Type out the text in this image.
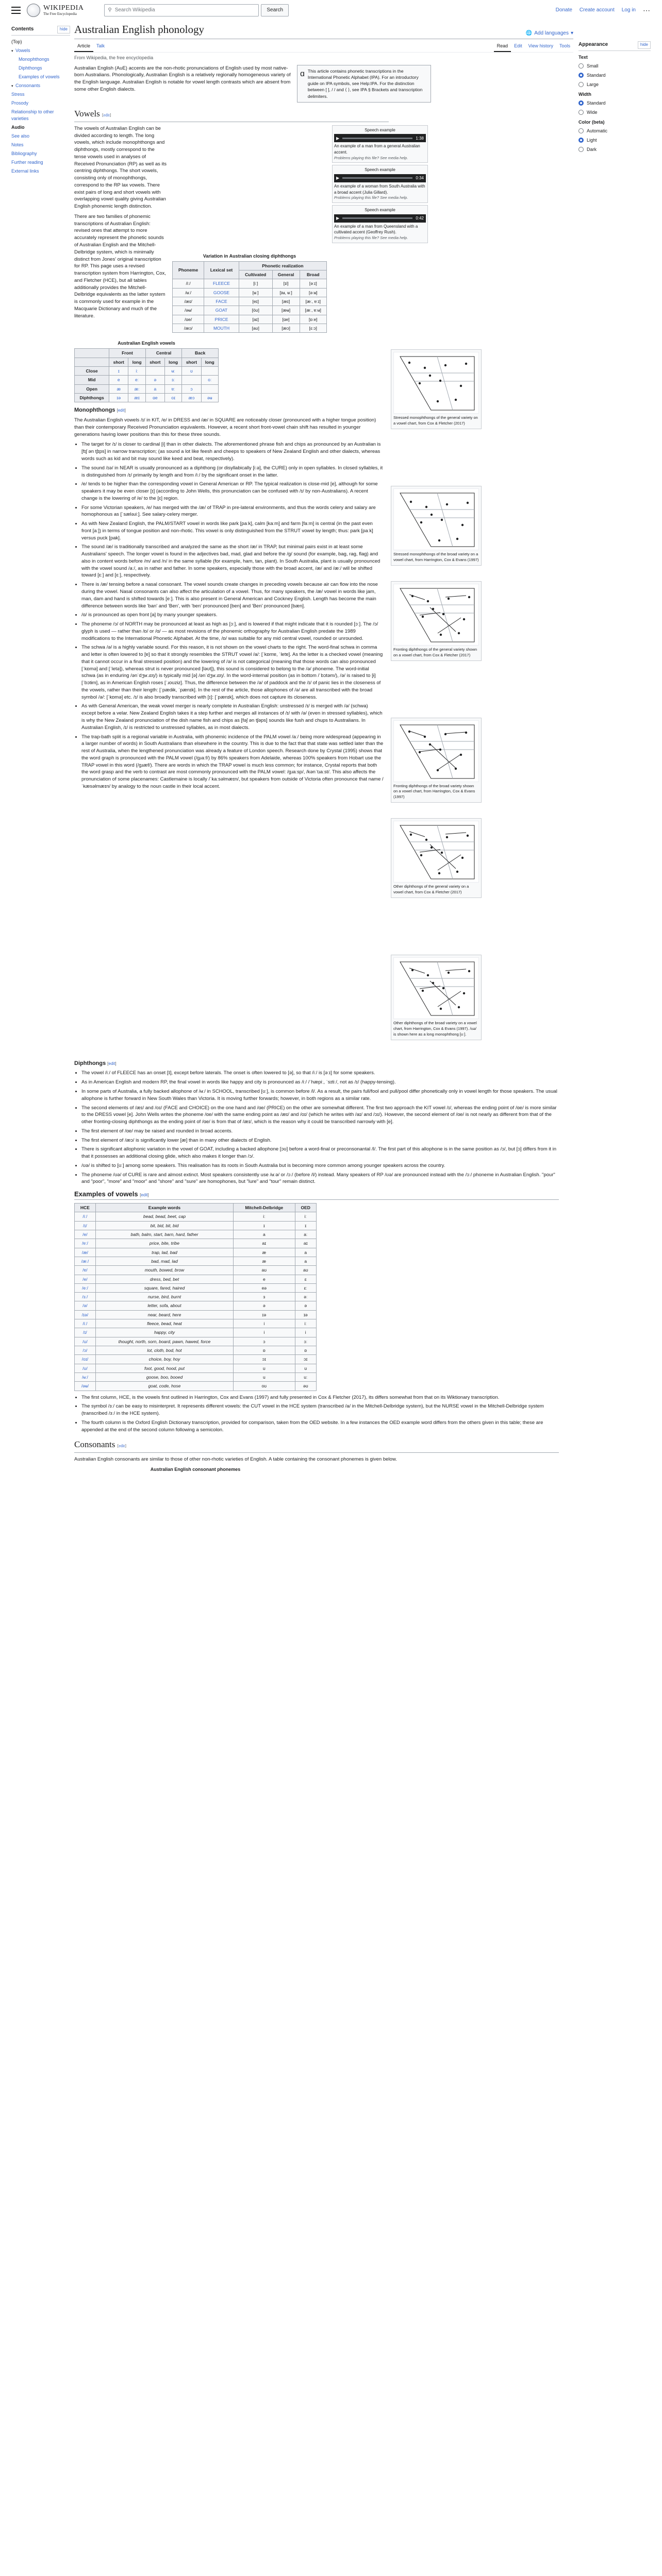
WIKIPEDIA
The Free Encyclopedia
⚲ Search Wikipedia	Search	Donate Create account Log in ⋯
Contents	hide
(Top)
▾ Vowels
Monophthongs
Diphthongs
Examples of vowels
▾ Consonants
Stress
Prosody
Relationship to other varieties
Audio
See also
Notes
Bibliography
Further reading
External links
Australian English phonology	🌐 Add languages ▾
Article	Talk	Read	Edit	View history	Tools
From Wikipedia, the free encyclopedia

Australian English (AuE) accents are the non-rhotic pronunciations of English used by most native-born Australians. Phonologically, Australian English is a relatively regionally homogeneous variety of the English language. Australian English is notable for vowel length contrasts which are absent from some other English dialects.

ɑ This article contains phonetic transcriptions in the International Phonetic Alphabet (IPA). For an introductory guide on IPA symbols, see Help:IPA. For the distinction between [ ], / / and ⟨ ⟩, see IPA § Brackets and transcription delimiters.
Vowels [edit]

The vowels of Australian English can be divided according to length. The long vowels, which include monophthongs and diphthongs, mostly correspond to the tense vowels used in analyses of Received Pronunciation (RP) as well as its centring diphthongs. The short vowels, consisting only of monophthongs, correspond to the RP lax vowels. There exist pairs of long and short vowels with overlapping vowel quality giving Australian English phonemic length distinction.

There are two families of phonemic transcriptions of Australian English: revised ones that attempt to more accurately represent the phonetic sounds of Australian English and the Mitchell-Delbridge system, which is minimally distinct from Jones' original transcription for RP. This page uses a revised transcription system from Harrington, Cox, and Fletcher (HCE), but all tables additionally provides the Mitchell-Delbridge equivalents as the latter system is commonly used for example in the Macquarie Dictionary and much of the literature.

Variation in Australian closing diphthongs
Phoneme	Lexical set	Phonetic realization		
		Cultivated	General	Broad
/iː/	FLEECE	[iː]	[ɪi]	[əːɪ]
/ʉː/	GOOSE	[ʉː]	[ɪʉ, ʉː]	[əːʉ]
/æɪ/	FACE	[eɪ]	[æɪ]	[æː, ɐːɪ]
/əʉ/	GOAT	[öʊ]	[æʉ]	[æː, ɐːʉ]
/ɑe/	PRICE	[aɪ]	[ɑe]	[ɒːe]
/æɔ/	MOUTH	[aʊ]	[æɔ]	[ɛːɔ]
Speech example
▶	1:38
An example of a man from a general Australian accent.
Problems playing this file? See media help.
Speech example
▶	0:34
An example of a woman from South Australia with a broad accent (Julia Gillard).
Problems playing this file? See media help.
Speech example
▶	0:42
An example of a man from Queensland with a cultivated accent (Geoffrey Rush).
Problems playing this file? See media help.
Australian English vowels
	Front		Central		Back	
	short	long	short	long	short	long
Close	ɪ	iː		ʉː	ʊ	
Mid	e	eː	ə	ɜː		oː
Open	æ	æː	a	ɐː	ɔ	
Diphthongs	ɪə	æɪ	ɑe	oɪ	æɔ	əʉ
Monophthongs [edit]

The Australian English vowels /ɪ/ in KIT, /e/ in DRESS and /æ/ in SQUARE are noticeably closer (pronounced with a higher tongue position) than their contemporary Received Pronunciation equivalents. However, a recent short front-vowel chain shift has resulted in younger generations having lower positions than this for these three sounds.

• The target for /ɪ/ is closer to cardinal [i] than in other dialects. The aforementioned phrase fish and chips as pronounced by an Australian is [fɪʃ ən tʃɪps] in narrow transcription; (as sound a lot like feesh and cheeps to speakers of New Zealand English and other dialects, whereas words such as kid and bit may sound like keed and beat, respectively).
• The sound /ɪə/ in NEAR is usually pronounced as a diphthong (or disyllabically [iːə], the CURE) only in open syllables. In closed syllables, it is distinguished from /ɪ/ primarily by length and from /iː/ by the significant onset in the latter.
• /e/ tends to be higher than the corresponding vowel in General American or RP. The typical realization is close-mid [e], although for some speakers it may be even closer [ɪ] (according to John Wells, this pronunciation can be confused with /ɪ/ by non-Australians). A recent change is the lowering of /e/ to the [ɛ] region.
• For some Victorian speakers, /e/ has merged with the /æ/ of TRAP in pre-lateral environments, and thus the words celery and salary are homophonous as [ˈsæləɹiː]. See salary-celery merger.
• As with New Zealand English, the PALM/START vowel in words like park [paːk], calm [kaːm] and farm [faːm] is central (in the past even front [aː]) in terms of tongue position and non-rhotic. This vowel is only distinguished from the STRUT vowel by length; thus: park [paːk] versus puck [pak].
• The sound /æ/ is traditionally transcribed and analyzed the same as the short /æ/ in TRAP, but minimal pairs exist in at least some Australians' speech. The longer vowel is found in the adjectives bad, mad, glad and before the /g/ sound (for example, bag, rag, flag) and also in content words before /m/ and /n/ in the same syllable (for example, ham, tan, plant). In South Australia, plant is usually pronounced with the vowel sound /aː/, as in rather and father. In some speakers, especially those with the broad accent, /æ/ and /æː/ will be shifted toward [ɛː] and [ɛː], respectively.
• There is /æ/ tensing before a nasal consonant. The vowel sounds create changes in preceding vowels because air can flow into the nose during the vowel. Nasal consonants can also affect the articulation of a vowel. Thus, for many speakers, the /æ/ vowel in words like jam, man, dam and hand is shifted towards [eː]. This is also present in General American and Cockney English. Length has become the main difference between words like 'ban' and 'Ben', with 'ben' pronounced [ben] and 'Ben' pronounced [bæn].
• /ɑ/ is pronounced as open front [a] by many younger speakers.
• The phoneme /ɔ/ of NORTH may be pronounced at least as high as [ɔː], and is lowered if that might indicate that it is rounded [ɔː]. The /ɔ/ glyph is used — rather than /ɒ/ or /ɑ/ — as most revisions of the phonemic orthography for Australian English predate the 1989 modifications to the International Phonetic Alphabet. At the time, /ɒ/ was suitable for any mid central vowel, rounded or unrounded.
• The schwa /ə/ is a highly variable sound. For this reason, it is not shown on the vowel charts to the right. The word-final schwa in comma and letter is often lowered to [ɐ] so that it strongly resembles the STRUT vowel /a/: [ˈkɒmɐ, ˈletɐ]. As the letter is a checked vowel (meaning that it cannot occur in a final stressed position) and the lowering of /ə/ is not categorical (meaning that those words can also pronounced [ˈkɒmə] and [ˈletə]), whereas strut is never pronounced [ləʊt]), this sound is considered to belong to the /ə/ phoneme. The word-initial schwa (as in enduring /ənˈdʒʉːɹɪŋ/) is typically mid [ə] /ənˈdʒʉːɹɪŋ/. In the word-internal position (as in bottom /ˈbɔtəm/), /ə/ is raised to [ɨ] [ˈbɔtɨm], as in American English roses [ˈɹoʊzɨz]. Thus, the difference between the /ə/ of paddock and the /ɪ/ of panic lies in the closeness of the vowels, rather than their length: [ˈpædɨk, ˈpænɪk]. In the rest of the article, those allophones of /ə/ are all transcribed with the broad symbol /ə/: [ˈkɒmə] etc. /ɪ/ is also broadly transcribed with [ɪ]: [ˈpænɪk], which does not capture its closeness.
• As with General American, the weak vowel merger is nearly complete in Australian English: unstressed /ɪ/ is merged with /ə/ (schwa) except before a velar. New Zealand English takes it a step further and merges all instances of /ɪ/ with /ə/ (even in stressed syllables), which is why the New Zealand pronunciation of the dish name fish and chips as [fəʃ ən tʃəps] sounds like fush and chups to Australians. In Australian English, /ɪ/ is restricted to unstressed syllables, as in most dialects.
• The trap-bath split is a regional variable in Australia, with phonemic incidence of the PALM vowel /aː/ being more widespread (appearing in a larger number of words) in South Australians than elsewhere in the country. This is due to the fact that that state was settled later than the rest of Australia, when the lengthened pronunciation was already a feature of London speech. Research done by Crystal (1995) shows that the word graph is pronounced with the PALM vowel (/ɡɹaːf/) by 86% speakers from Adelaide, whereas 100% speakers from Hobart use the TRAP vowel in this word (/ɡɹæf/). There are words in which the TRAP vowel is much less common; for instance, Crystal reports that both the word grasp and the verb to contrast are most commonly pronounced with the PALM vowel: /ɡɹaːsp/, /kənˈtɹaːst/. This also affects the pronunciation of some placenames: Castlemaine is locally /ˈkaːsəlmæɪn/, but speakers from outside of Victoria often pronounce that name /ˈkæsəlmæɪn/ by analogy to the noun castle in their local accent.
Stressed monophthongs of the general variety on a vowel chart, from Cox & Fletcher (2017)
Stressed monophthongs of the broad variety on a vowel chart, from Harrington, Cox & Evans (1997)
Fronting diphthongs of the general variety shown on a vowel chart, from Cox & Fletcher (2017)
Fronting diphthongs of the broad variety shown on a vowel chart, from Harrington, Cox & Evans (1997)
Other diphthongs of the general variety on a vowel chart, from Cox & Fletcher (2017)
Other diphthongs of the broad variety on a vowel chart, from Harrington, Cox & Evans (1997). /ʊə/ is shown here as a long monophthong [ʊː].
Diphthongs [edit]
• The vowel /iː/ of FLEECE has an onset [ɪ̈], except before laterals. The onset is often lowered to [ə], so that /iː/ is [əːɪ] for some speakers.
• As in American English and modern RP, the final vowel in words like happy and city is pronounced as /iː/ /ˈhæpiː, ˈsɪtiː/, not as /ɪ/ (happy-tensing).
• In some parts of Australia, a fully backed allophone of /ʉː/ in SCHOOL, transcribed [ʊː], is common before /l/. As a result, the pairs full/fool and pull/pool differ phonetically only in vowel length for those speakers. The usual allophone is further forward in New South Wales than Victoria. It is moving further forwards; however, in both regions as a similar rate.
• The second elements of /æɪ/ and /oɪ/ (FACE and CHOICE) on the one hand and /ɑe/ (PRICE) on the other are somewhat different. The first two approach the KIT vowel /ɪ/, whereas the ending point of /ɑe/ is more similar to the DRESS vowel [e]. John Wells writes the phoneme /ɑe/ with the same ending point as /æɪ/ and /oɪ/ (which he writes with /aɪ/ and /ɔɪ/). However, the second element of /ɑe/ is not nearly as different from that of the other fronting-closing diphthongs as the ending point of /ɑe/ is from that of /æɪ/, which is the reason why it could be transcribed narrowly with [e].
• The first element of /ɑe/ may be raised and rounded in broad accents.
• The first element of /æɔ/ is significantly lower [æ] than in many other dialects of English.
• There is significant allophonic variation in the vowel of GOAT, including a backed allophone [ɔʊ] before a word-final or preconsonantal /l/. The first part of this allophone is in the same position as /ɔ/, but [ɔ] differs from it in that it possesses an additional closing glide, which also makes it longer than /ɔ/.
• /ʊə/ is shifted to [ʊː] among some speakers. This realisation has its roots in South Australia but is becoming more common among younger speakers across the country.
• The phoneme /ʊə/ of CURE is rare and almost extinct. Most speakers consistently use /ʉːə/ or /ɔː/ (before /l/) instead. Many speakers of RP /ʊə/ are pronounced instead with the /ɔː/ phoneme in Australian English. "pour" and "poor", "more" and "moor" and "shore" and "sure" are homophones, but "lure" and "tour" remain distinct.
Examples of vowels [edit]
HCE	Example words	Mitchell-Delbridge	OED
/iː/	bead, bead, beet, cap	iː	iː
/ɪ/	bit, bid, bit, bid	ɪ	ɪ
/e/	bath, balm, start, barn, hard, father	a	aː
/ɐː/	price, bite, tribe	aɪ	aɪ
/æ/	trap, lad, bad	æ	a
/æː/	bad, mad, lad	æ	a
/ɐ/	mouth, bowed, brow	aʊ	aʊ
/e/	dress, bed, bet	e	ɛ
/eː/	square, fared, haired	eə	ɛː
/ɜː/	nurse, bird, burnt	ɜ	əː
/ə/	letter, sofa, about	ə	ə
/ɪə/	near, beard, here	ɪə	ɪə
/iː/	fleece, bead, heat	i	iː
/ɪ/	happy, city	i	i
/ʊ/	thought, north, sorn, board, pawn, hawed, force	ɔ	ɔː
/ɔ/	lot, cloth, bod, hot	ɒ	ɒ
/oɪ/	choice, boy, hoy	ɔɪ	ɔɪ
/ʊ/	foot, good, hood, put	ʊ	ʊ
/ʉː/	goose, boo, booed	u	uː
/əʉ/	goat, code, hose	oʊ	əʊ
• The first column, HCE, is the vowels first outlined in Harrington, Cox and Evans (1997) and fully presented in Cox & Fletcher (2017), its differs somewhat from that on its Wiktionary transcription.
• The symbol /ɜː/ can be easy to misinterpret. It represents different vowels: the CUT vowel in the HCE system (transcribed /a/ in the Mitchell-Delbridge system), but the NURSE vowel in the Mitchell-Delbridge system (transcribed /ɜː/ in the HCE system).
• The fourth column is the Oxford English Dictionary transcription, provided for comparison, taken from the OED website. In a few instances the OED example word differs from the others given in this table; these are appended at the end of the second column following a semicolon.
Consonants [edit]

Australian English consonants are similar to those of other non-rhotic varieties of English. A table containing the consonant phonemes is given below.

Australian English consonant phonemes
Appearance	hide
Text
Small
Standard
Large
Width
Standard
Wide
Color (beta)
Automatic
Light
Dark
